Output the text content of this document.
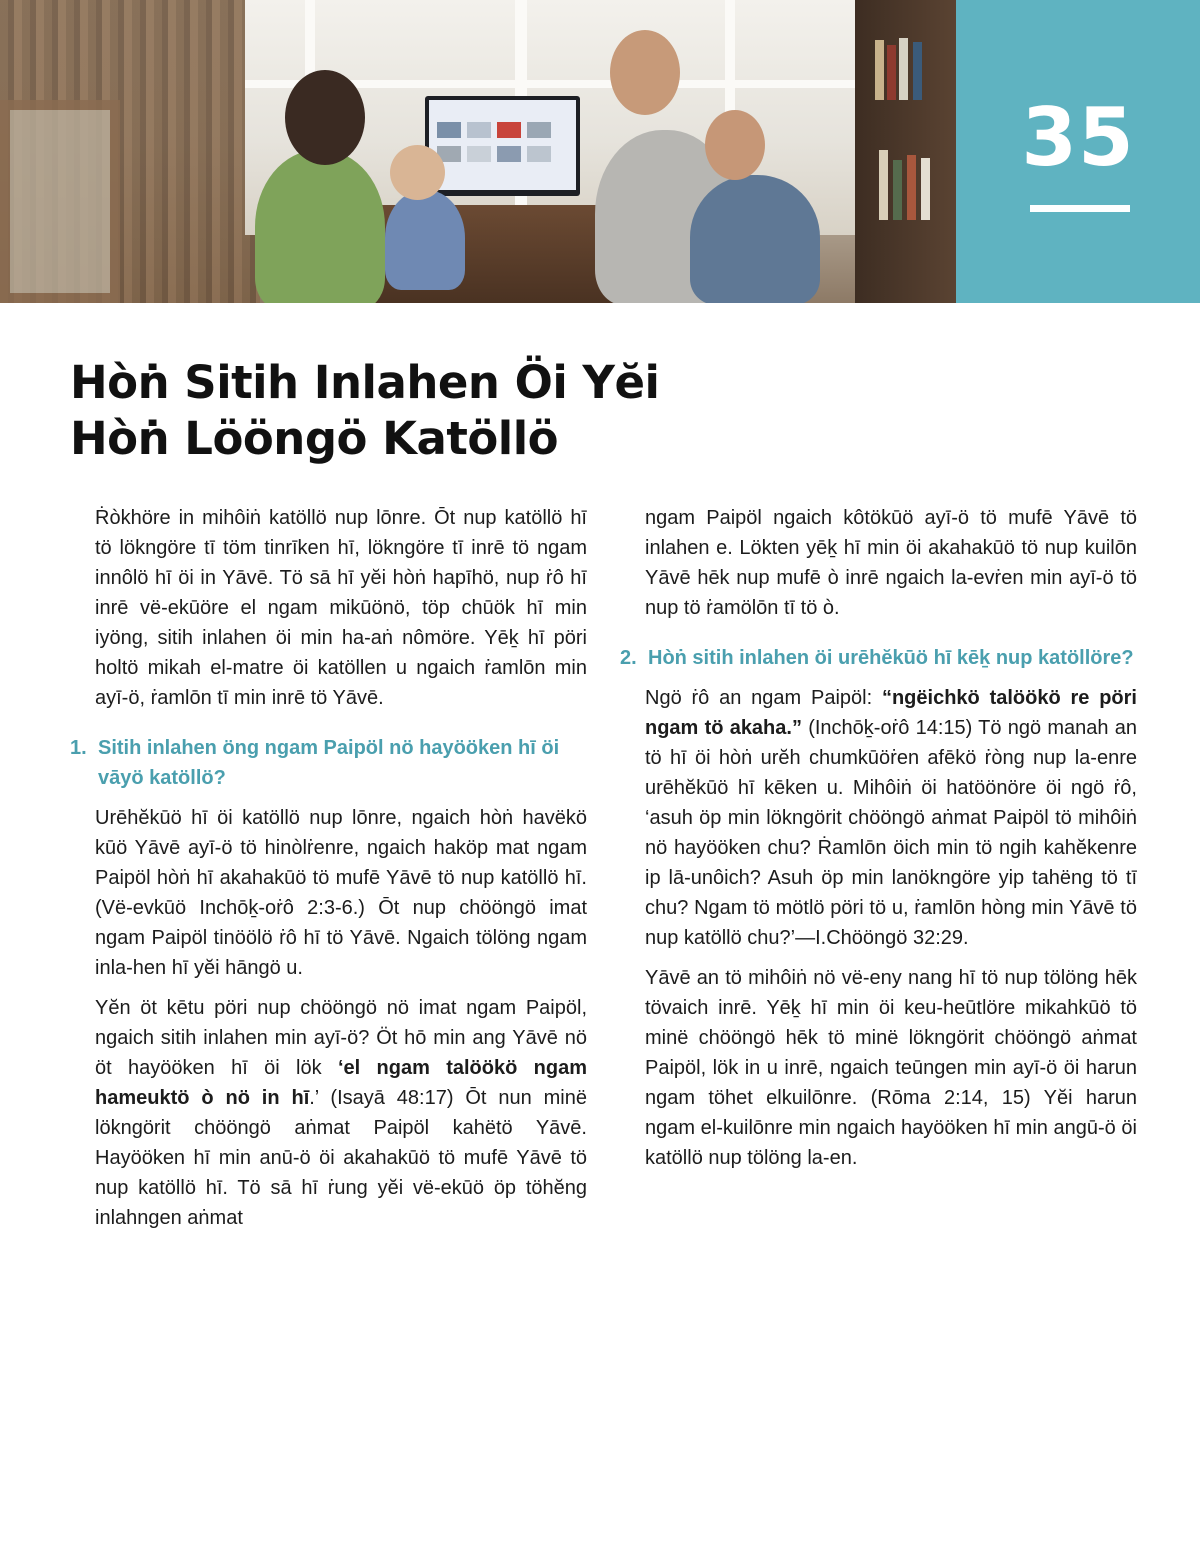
35
Hòṅ Sitih Inlahen Öi Yĕi
Hòṅ Lööngö Katöllö

Ṙòkhöre in mihôiṅ katöllö nup lōnre. Ōt nup katöllö hī tö lökngöre tī töm tinrīken hī, lökngöre tī inrē tö ngam innôlö hī öi in Yāvē. Tö sā hī yĕi hòṅ hapīhö, nup ṙô hī inrē vë-ekūöre el ngam mikūönö, töp chūök hī min iyöng, sitih inlahen öi min ha-aṅ nômöre. Yēḵ hī pöri holtö mikah el-matre öi katöllen u ngaich ṙamlōn min ayī-ö, ṙamlōn tī min inrē tö Yāvē.

1. Sitih inlahen öng ngam Paipöl nö hayööken hī öi vāyö katöllö?

Urēhĕkūö hī öi katöllö nup lōnre, ngaich hòṅ havëkö kūö Yāvē ayī-ö tö hinòlṙenre, ngaich haköp mat ngam Paipöl hòṅ hī akahakūö tö mufē Yāvē tö nup katöllö hī. (Vë-evkūö Inchōḵ-oṙô 2:3-6.) Ōt nup chööngö imat ngam Paipöl tinöölö ṙô hī tö Yāvē. Ngaich tölöng ngam inla-hen hī yĕi hāngö u.

Yĕn öt kētu pöri nup chööngö nö imat ngam Paipöl, ngaich sitih inlahen min ayī-ö? Öt hō min ang Yāvē nö öt hayööken hī öi lök ‘el ngam talöökö ngam hameuktö ò nö in hī.’ (Isayā 48:17) Ōt nun minë lökngörit chööngö aṅmat Paipöl kahëtö Yāvē. Hayööken hī min anū-ö öi akahakūö tö mufē Yāvē tö nup katöllö hī. Tö sā hī ṙung yĕi vë-ekūö öp töhĕng inlahngen aṅmat

ngam Paipöl ngaich kôtökūö ayī-ö tö mufē Yāvē tö inlahen e. Lökten yēḵ hī min öi akahakūö tö nup kuilōn Yāvē hēk nup mufē ò inrē ngaich la-evṙen min ayī-ö tö nup tö ṙamölōn tī tö ò.

2. Hòṅ sitih inlahen öi urēhĕkūö hī kēḵ nup katöllöre?

Ngö ṙô an ngam Paipöl: “ngëichkö talöökö re pöri ngam tö akaha.” (Inchōḵ-oṙô 14:15) Tö ngö manah an tö hī öi hòṅ urĕh chumkūöṙen afēkö ṙòng nup la-enre urēhĕkūö hī kēken u. Mihôiṅ öi hatöönöre öi ngö ṙô, ‘asuh öp min lökngörit chööngö aṅmat Paipöl tö mihôiṅ nö hayööken chu? Ṙamlōn öich min tö ngih kahĕkenre ip lā-unôich? Asuh öp min lanökngöre yip tahëng tö tī chu? Ngam tö mötlö pöri tö u, ṙamlōn hòng min Yāvē tö nup katöllö chu?’—I.Chööngö 32:29.

Yāvē an tö mihôiṅ nö vë-eny nang hī tö nup tölöng hēk tövaich inrē. Yēḵ hī min öi keu-heūtlöre mikahkūö tö minë chööngö hēk tö minë lökngörit chööngö aṅmat Paipöl, lök in u inrē, ngaich teūngen min ayī-ö öi harun ngam töhet elkuilōnre. (Rōma 2:14, 15) Yĕi harun ngam el-kuilōnre min ngaich hayööken hī min angū-ö öi katöllö nup tölöng la-en.
